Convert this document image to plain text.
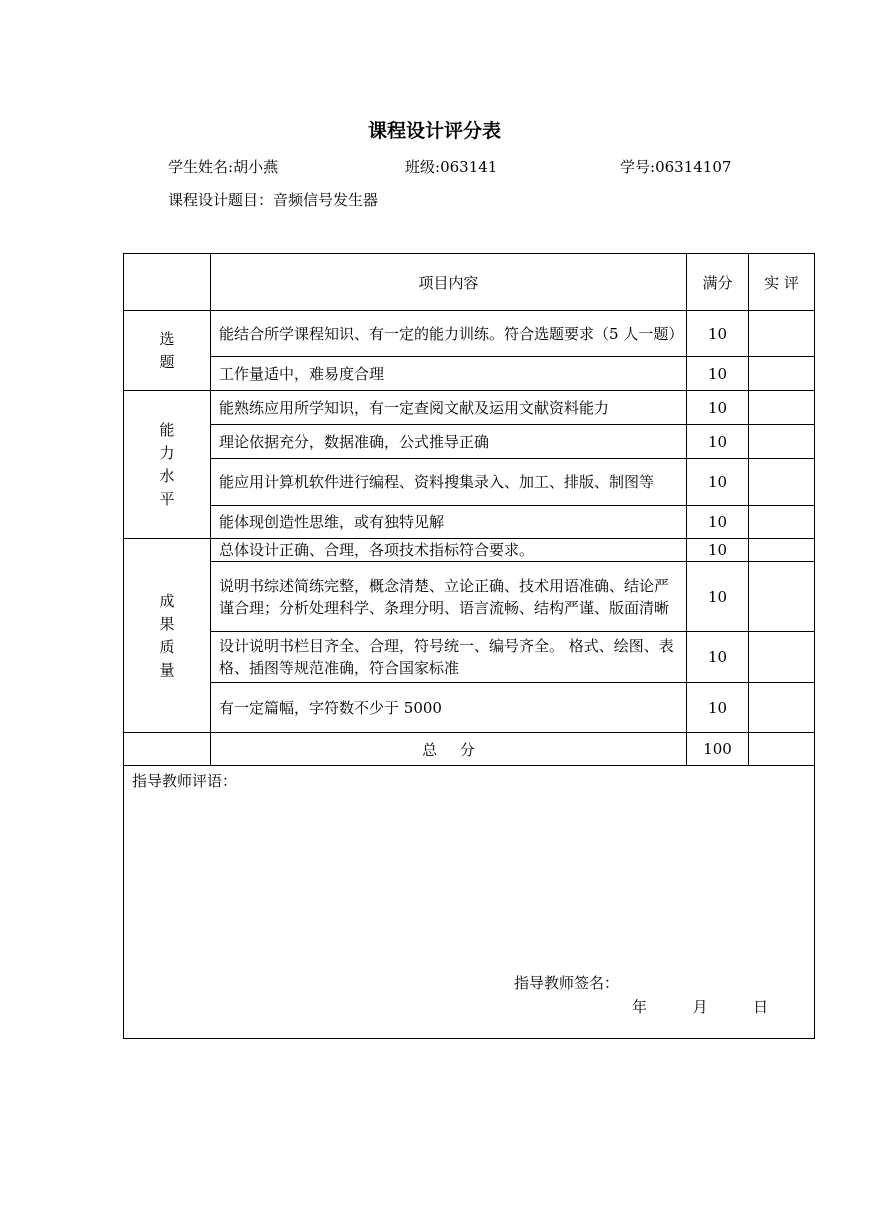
课程设计评分表
学生姓名:胡小燕	班级:063141	学号:06314107
课程设计题目：音频信号发生器
	项目内容	满分	实 评

选
题	能结合所学课程知识、有一定的能力训练。符合选题要求（5 人一题）	10	
	工作量适中，难易度合理	10	

能
力
水
平	能熟练应用所学知识，有一定查阅文献及运用文献资料能力	10	
	理论依据充分，数据准确，公式推导正确	10	
	能应用计算机软件进行编程、资料搜集录入、加工、排版、制图等	10	
	能体现创造性思维，或有独特见解	10	

成
果
质
量	总体设计正确、合理，各项技术指标符合要求。	10	
	说明书综述简练完整，概念清楚、立论正确、技术用语准确、结论严谨合理；分析处理科学、条理分明、语言流畅、结构严谨、版面清晰	10	
	设计说明书栏目齐全、合理，符号统一、编号齐全。 格式、绘图、表格、插图等规范准确，符合国家标准	10	
	有一定篇幅，字符数不少于 5000	10	
	总 分	100	

指导教师评语：
指导教师签名：
年 月 日			
